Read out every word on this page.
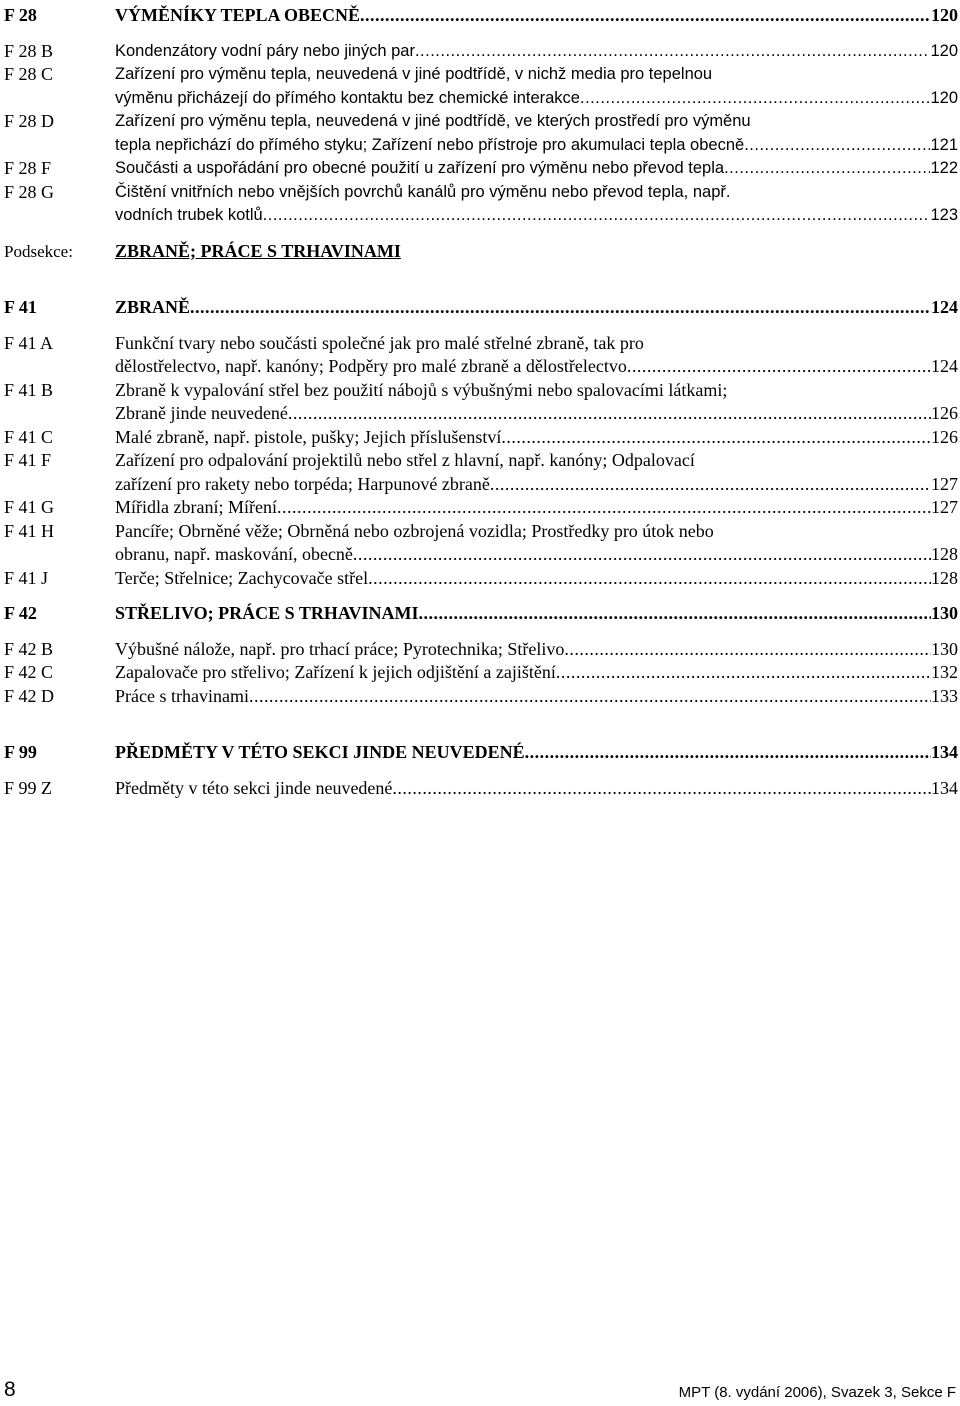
F 28	VÝMĚNÍKY TEPLA OBECNĚ .....	120
F 28 B	Kondenzátory vodní páry nebo jiných par .....	120
F 28 C	Zařízení pro výměnu tepla, neuvedená v jiné podtřídě, v nichž media pro tepelnou
výměnu přicházejí do přímého kontaktu bez chemické interakce .....	120
F 28 D	Zařízení pro výměnu tepla, neuvedená v jiné podtřídě, ve kterých prostředí pro výměnu
tepla nepřichází do přímého styku; Zařízení nebo přístroje pro akumulaci tepla obecně .....	121
F 28 F	Součásti a uspořádání pro obecné použití u zařízení pro výměnu nebo převod tepla .....	122
F 28 G	Čištění vnitřních nebo vnějších povrchů kanálů pro výměnu nebo převod tepla, např.
vodních trubek kotlů .....	123
Podsekce:	ZBRANĚ; PRÁCE S TRHAVINAMI
F 41	ZBRANĚ .....	124
F 41 A	Funkční tvary nebo součásti společné jak pro malé střelné zbraně, tak pro
dělostřelectvo, např. kanóny; Podpěry pro malé zbraně a dělostřelectvo .....	124
F 41 B	Zbraně k vypalování střel bez použití nábojů s výbušnými nebo spalovacími látkami;
Zbraně jinde neuvedené .....	126
F 41 C	Malé zbraně, např. pistole, pušky; Jejich příslušenství .....	126
F 41 F	Zařízení pro odpalování projektilů nebo střel z hlavní, např. kanóny; Odpalovací
zařízení pro rakety nebo torpéda; Harpunové zbraně .....	127
F 41 G	Mířidla zbraní; Míření .....	127
F 41 H	Pancíře; Obrněné věže; Obrněná nebo ozbrojená vozidla; Prostředky pro útok nebo
obranu, např. maskování, obecně .....	128
F 41 J	Terče; Střelnice; Zachycovače střel .....	128
F 42	STŘELIVO; PRÁCE S TRHAVINAMI .....	130
F 42 B	Výbušné nálože, např. pro trhací práce; Pyrotechnika; Střelivo .....	130
F 42 C	Zapalovače pro střelivo; Zařízení k jejich odjištění a zajištění .....	132
F 42 D	Práce s trhavinami .....	133
F 99	PŘEDMĚTY V TÉTO SEKCI JINDE NEUVEDENÉ .....	134
F 99 Z	Předměty v této sekci jinde neuvedené .....	134
8	MPT (8. vydání 2006), Svazek 3, Sekce F
